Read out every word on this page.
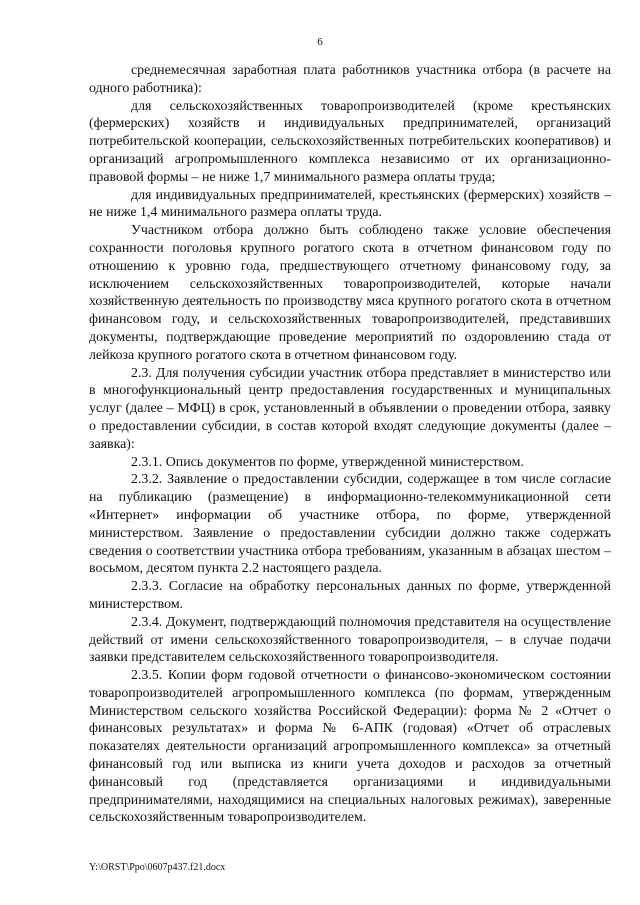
6

среднемесячная заработная плата работников участника отбора (в расчете на одного работника):

для сельскохозяйственных товаропроизводителей (кроме крестьянских (фермерских) хозяйств и индивидуальных предпринимателей, организаций потребительской кооперации, сельскохозяйственных потребительских кооперативов) и организаций агропромышленного комплекса независимо от их организационно-правовой формы – не ниже 1,7 минимального размера оплаты труда;

для индивидуальных предпринимателей, крестьянских (фермерских) хозяйств – не ниже 1,4 минимального размера оплаты труда.

Участником отбора должно быть соблюдено также условие обеспечения сохранности поголовья крупного рогатого скота в отчетном финансовом году по отношению к уровню года, предшествующего отчетному финансовому году, за исключением сельскохозяйственных товаропроизводителей, которые начали хозяйственную деятельность по производству мяса крупного рогатого скота в отчетном финансовом году, и сельскохозяйственных товаропроизводителей, представивших документы, подтверждающие проведение мероприятий по оздоровлению стада от лейкоза крупного рогатого скота в отчетном финансовом году.

2.3. Для получения субсидии участник отбора представляет в министерство или в многофункциональный центр предоставления государственных и муниципальных услуг (далее – МФЦ) в срок, установленный в объявлении о проведении отбора, заявку о предоставлении субсидии, в состав которой входят следующие документы (далее – заявка):

2.3.1. Опись документов по форме, утвержденной министерством.

2.3.2. Заявление о предоставлении субсидии, содержащее в том числе согласие на публикацию (размещение) в информационно-телекоммуникационной сети «Интернет» информации об участнике отбора, по форме, утвержденной министерством. Заявление о предоставлении субсидии должно также содержать сведения о соответствии участника отбора требованиям, указанным в абзацах шестом – восьмом, десятом пункта 2.2 настоящего раздела.

2.3.3. Согласие на обработку персональных данных по форме, утвержденной министерством.

2.3.4. Документ, подтверждающий полномочия представителя на осуществление действий от имени сельскохозяйственного товаропроизводителя, – в случае подачи заявки представителем сельскохозяйственного товаропроизводителя.

2.3.5. Копии форм годовой отчетности о финансово-экономическом состоянии товаропроизводителей агропромышленного комплекса (по формам, утвержденным Министерством сельского хозяйства Российской Федерации): форма № 2 «Отчет о финансовых результатах» и форма № 6-АПК (годовая) «Отчет об отраслевых показателях деятельности организаций агропромышленного комплекса» за отчетный финансовый год или выписка из книги учета доходов и расходов за отчетный финансовый год (представляется организациями и индивидуальными предпринимателями, находящимися на специальных налоговых режимах), заверенные сельскохозяйственным товаропроизводителем.

Y:\ORST\Ppo\0607p437.f21.docx
